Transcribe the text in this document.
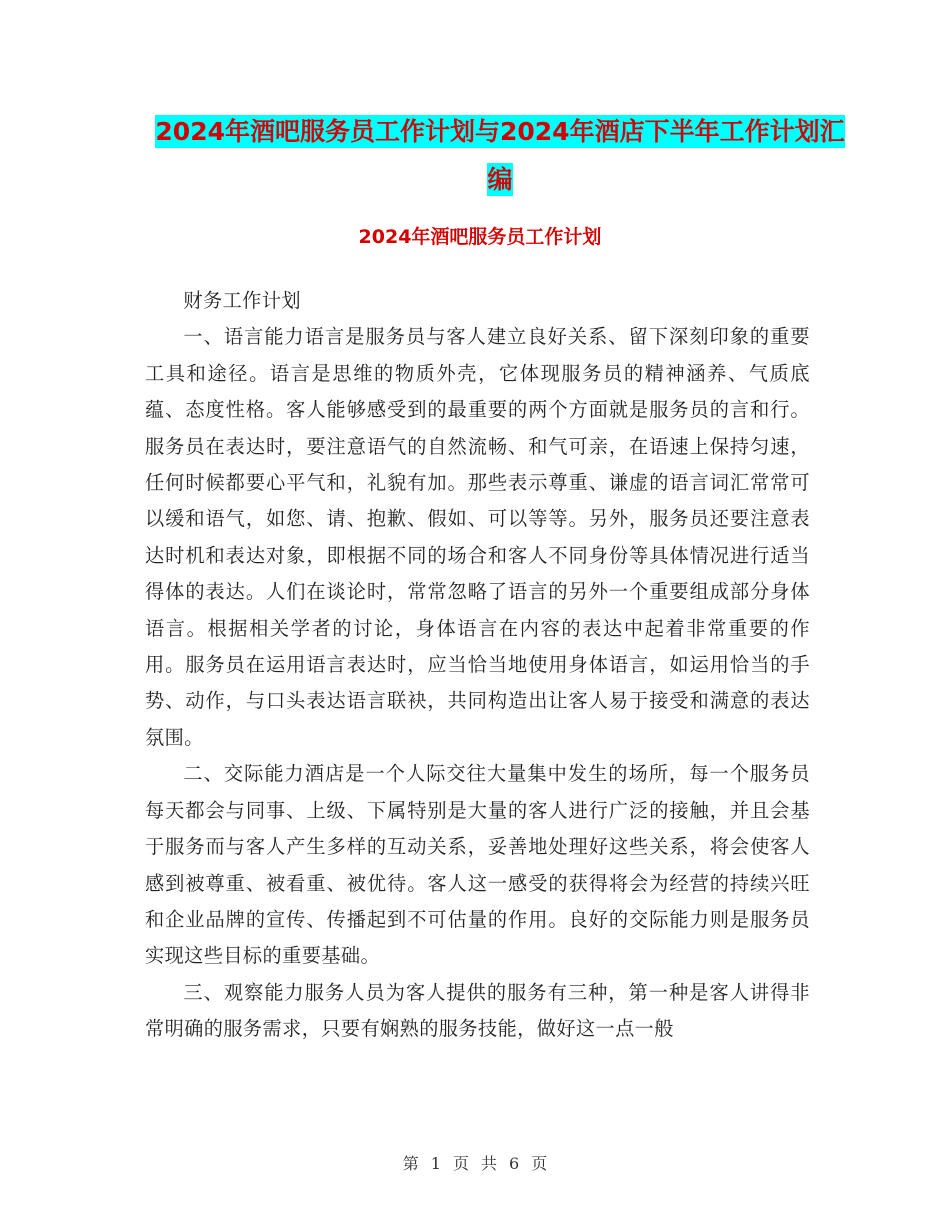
2024年酒吧服务员工作计划与2024年酒店下半年工作计划汇编
2024年酒吧服务员工作计划

财务工作计划

一、语言能力语言是服务员与客人建立良好关系、留下深刻印象的重要工具和途径。语言是思维的物质外壳，它体现服务员的精神涵养、气质底蕴、态度性格。客人能够感受到的最重要的两个方面就是服务员的言和行。服务员在表达时，要注意语气的自然流畅、和气可亲，在语速上保持匀速，任何时候都要心平气和，礼貌有加。那些表示尊重、谦虚的语言词汇常常可以缓和语气，如您、请、抱歉、假如、可以等等。另外，服务员还要注意表达时机和表达对象，即根据不同的场合和客人不同身份等具体情况进行适当得体的表达。人们在谈论时，常常忽略了语言的另外一个重要组成部分身体语言。根据相关学者的讨论，身体语言在内容的表达中起着非常重要的作用。服务员在运用语言表达时，应当恰当地使用身体语言，如运用恰当的手势、动作，与口头表达语言联袂，共同构造出让客人易于接受和满意的表达氛围。

二、交际能力酒店是一个人际交往大量集中发生的场所，每一个服务员每天都会与同事、上级、下属特别是大量的客人进行广泛的接触，并且会基于服务而与客人产生多样的互动关系，妥善地处理好这些关系，将会使客人感到被尊重、被看重、被优待。客人这一感受的获得将会为经营的持续兴旺和企业品牌的宣传、传播起到不可估量的作用。良好的交际能力则是服务员实现这些目标的重要基础。

三、观察能力服务人员为客人提供的服务有三种，第一种是客人讲得非常明确的服务需求，只要有娴熟的服务技能，做好这一点一般

第 1 页 共 6 页
